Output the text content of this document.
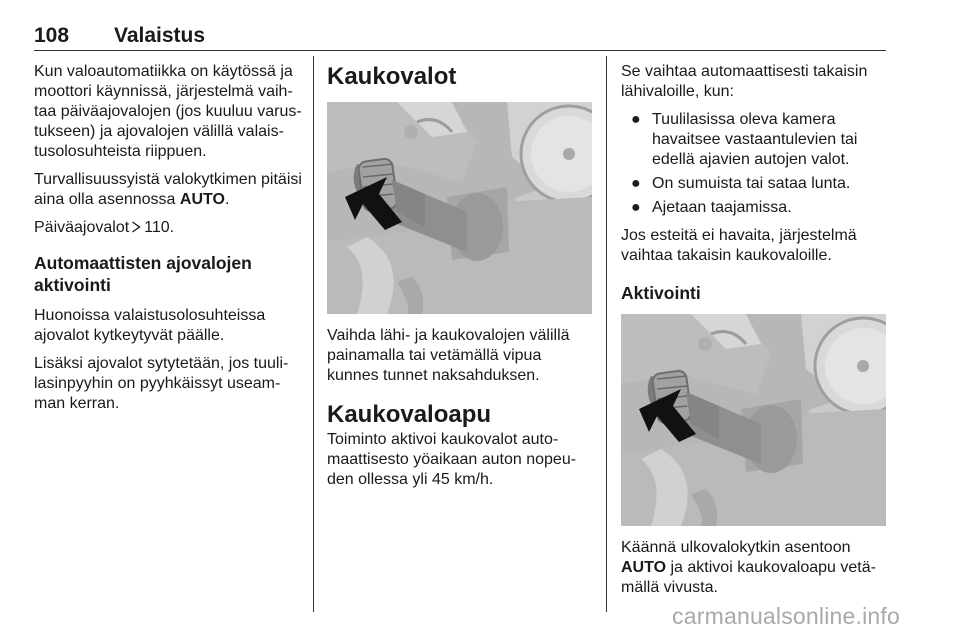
108 Valaistus

Kun valoautomatiikka on käytössä ja moottori käynnissä, järjestelmä vaihtaa päiväajovalojen (jos kuuluu varustukseen) ja ajovalojen välillä valaistusolosuhteista riippuen.

Turvallisuussyistä valokytkimen pitäisi aina olla asennossa AUTO.

Päiväajovalot 110.

Automaattisten ajovalojen aktivointi

Huonoissa valaistusolosuhteissa ajovalot kytkeytyvät päälle.

Lisäksi ajovalot sytytetään, jos tuulilasinpyyhin on pyyhkäissyt useamman kerran.

Kaukovalot

Vaihda lähi- ja kaukovalojen välillä painamalla tai vetämällä vipua kunnes tunnet naksahduksen.

Kaukovaloapu

Toiminto aktivoi kaukovalot automaattisesto yöaikaan auton nopeuden ollessa yli 45 km/h.

Se vaihtaa automaattisesti takaisin lähivaloille, kun:

● Tuulilasissa oleva kamera havaitsee vastaantulevien tai edellä ajavien autojen valot.
● On sumuista tai sataa lunta.
● Ajetaan taajamissa.

Jos esteitä ei havaita, järjestelmä vaihtaa takaisin kaukovaloille.

Aktivointi

Käännä ulkovalokytkin asentoon AUTO ja aktivoi kaukovaloapu vetämällä vivusta.

carmanualsonline.info
